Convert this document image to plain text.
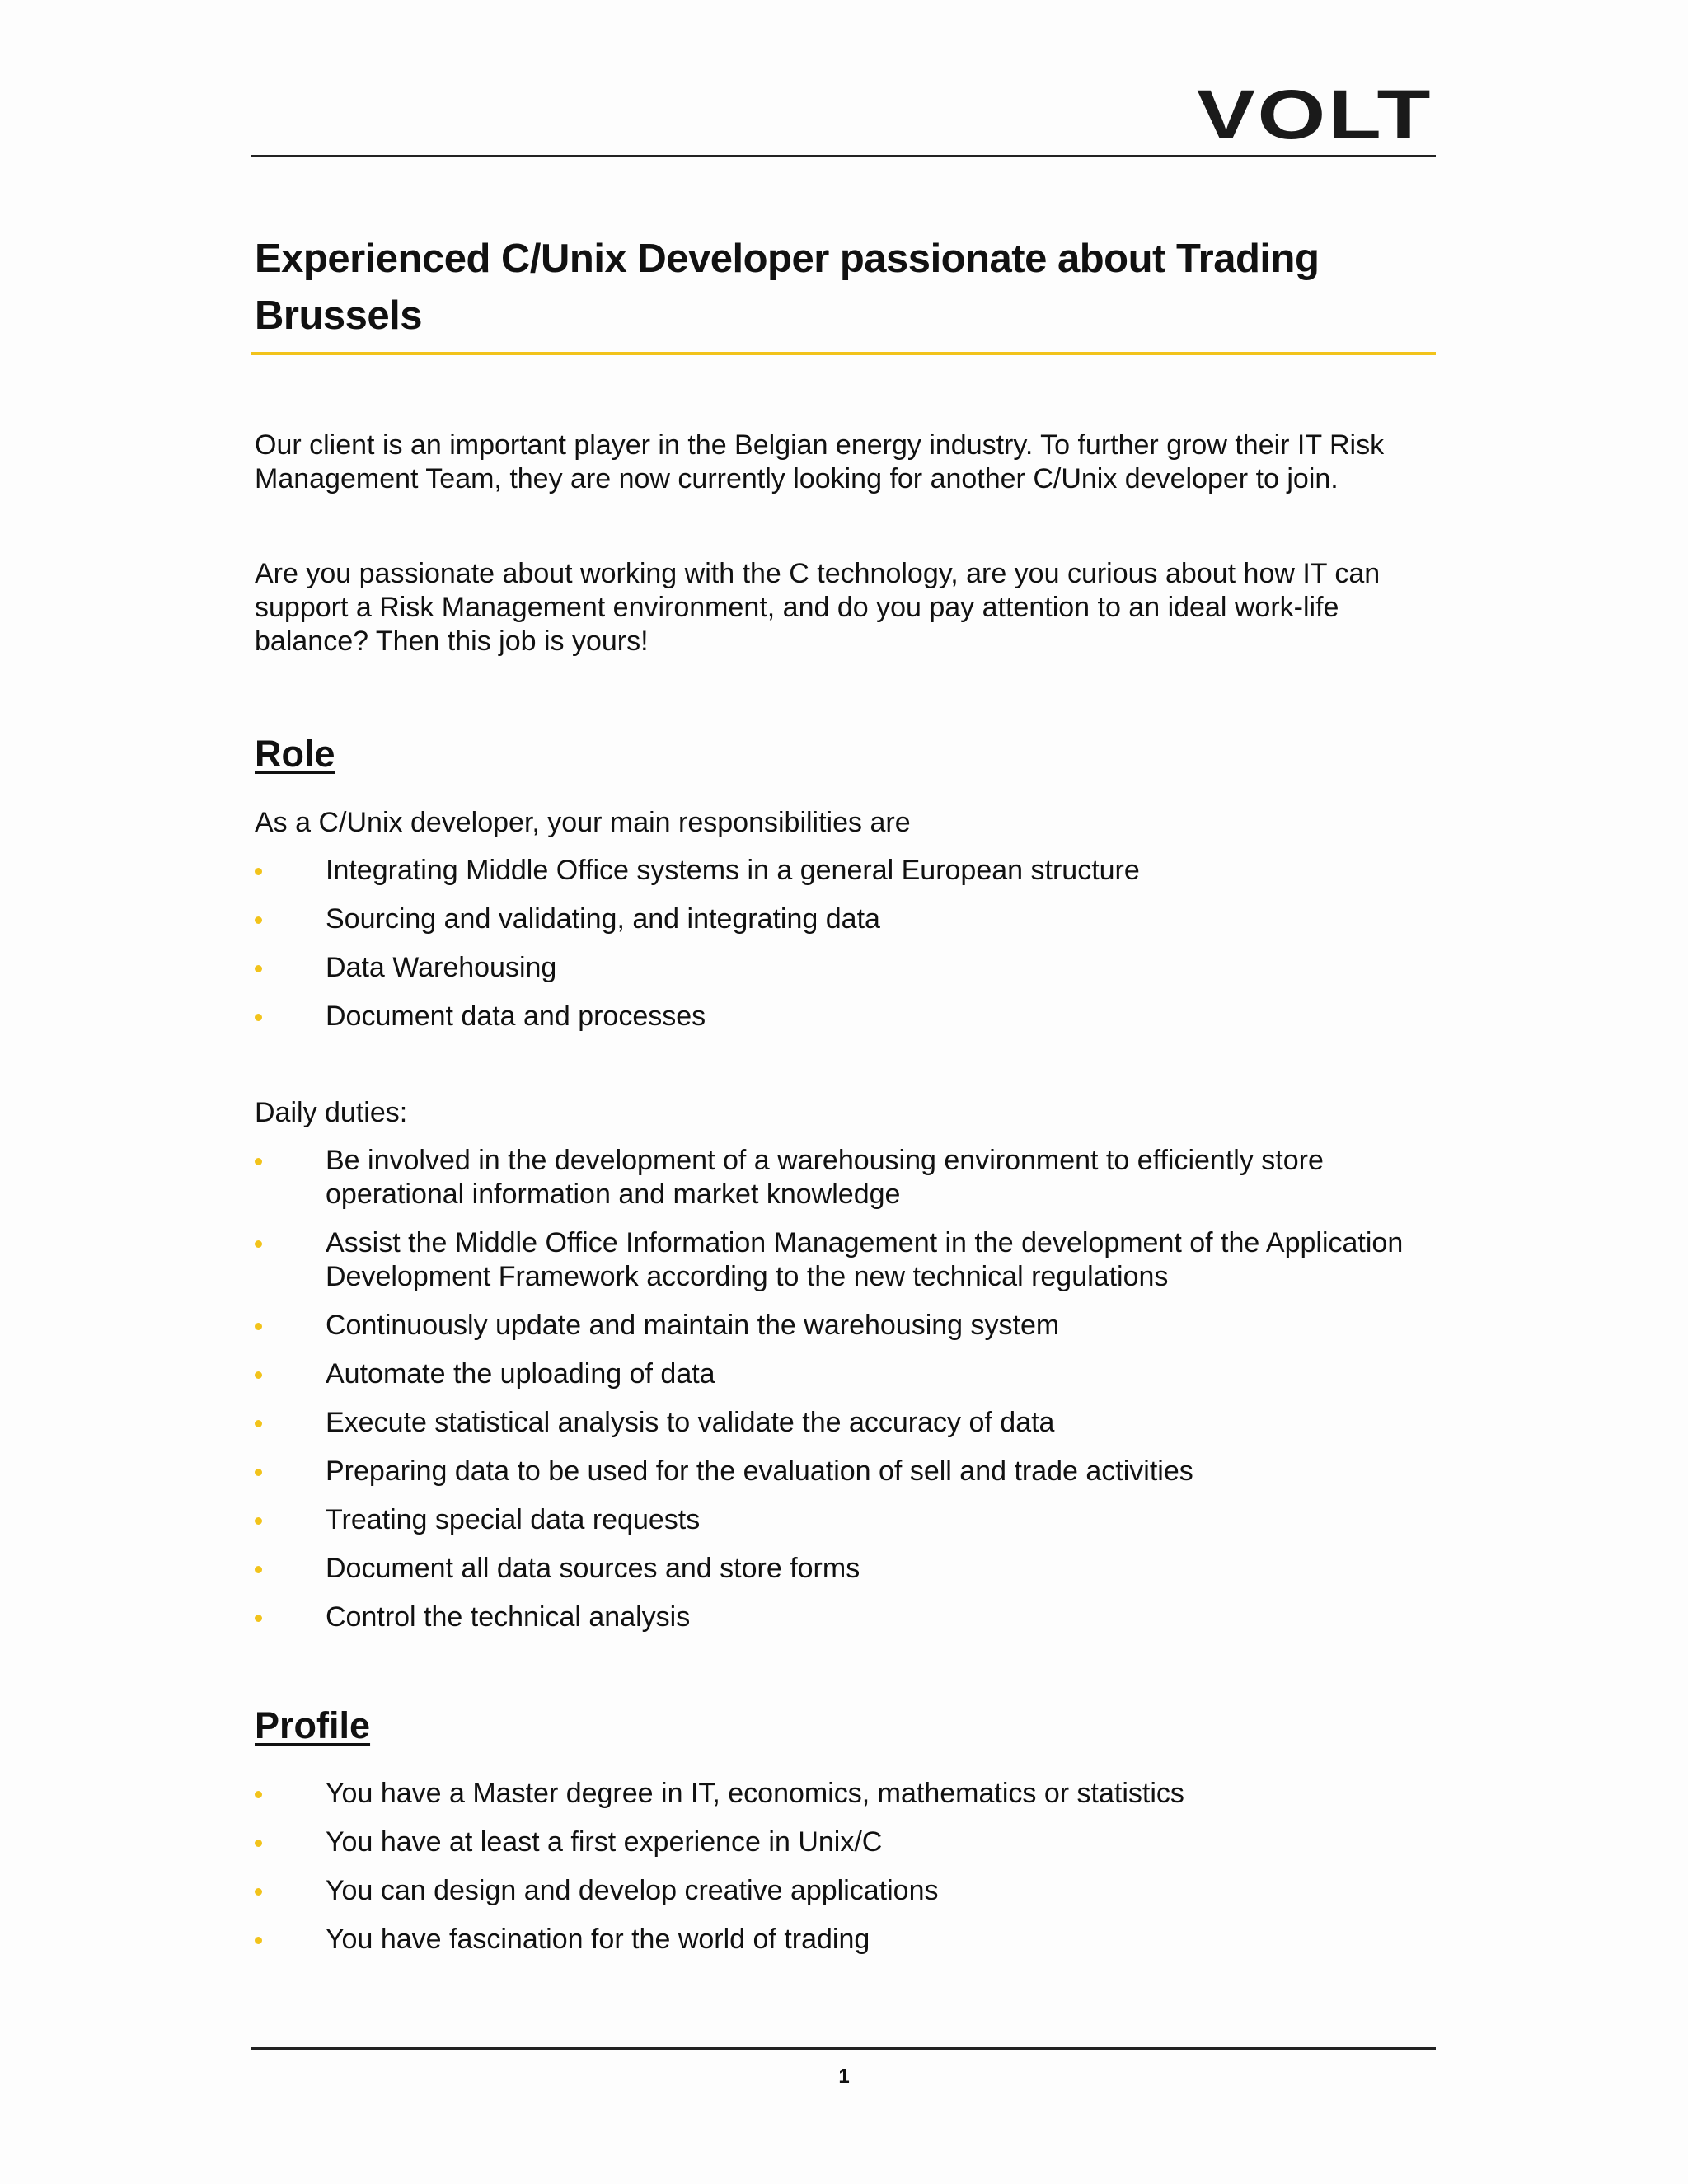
VOLT
Experienced C/Unix Developer passionate about Trading
Brussels

Our client is an important player in the Belgian energy industry. To further grow their IT Risk Management Team, they are now currently looking for another C/Unix developer to join.

Are you passionate about working with the C technology, are you curious about how IT can support a Risk Management environment, and do you pay attention to an ideal work-life balance? Then this job is yours!

Role

As a C/Unix developer, your main responsibilities are

Integrating Middle Office systems in a general European structure
Sourcing and validating, and integrating data
Data Warehousing
Document data and processes

Daily duties:

Be involved in the development of a warehousing environment to efficiently store operational information and market knowledge
Assist the Middle Office Information Management in the development of the Application Development Framework according to the new technical regulations
Continuously update and maintain the warehousing system
Automate the uploading of data
Execute statistical analysis to validate the accuracy of data
Preparing data to be used for the evaluation of sell and trade activities
Treating special data requests
Document all data sources and store forms
Control the technical analysis
Profile
You have a Master degree in IT, economics, mathematics or statistics
You have at least a first experience in Unix/C
You can design and develop creative applications
You have fascination for the world of trading
1
